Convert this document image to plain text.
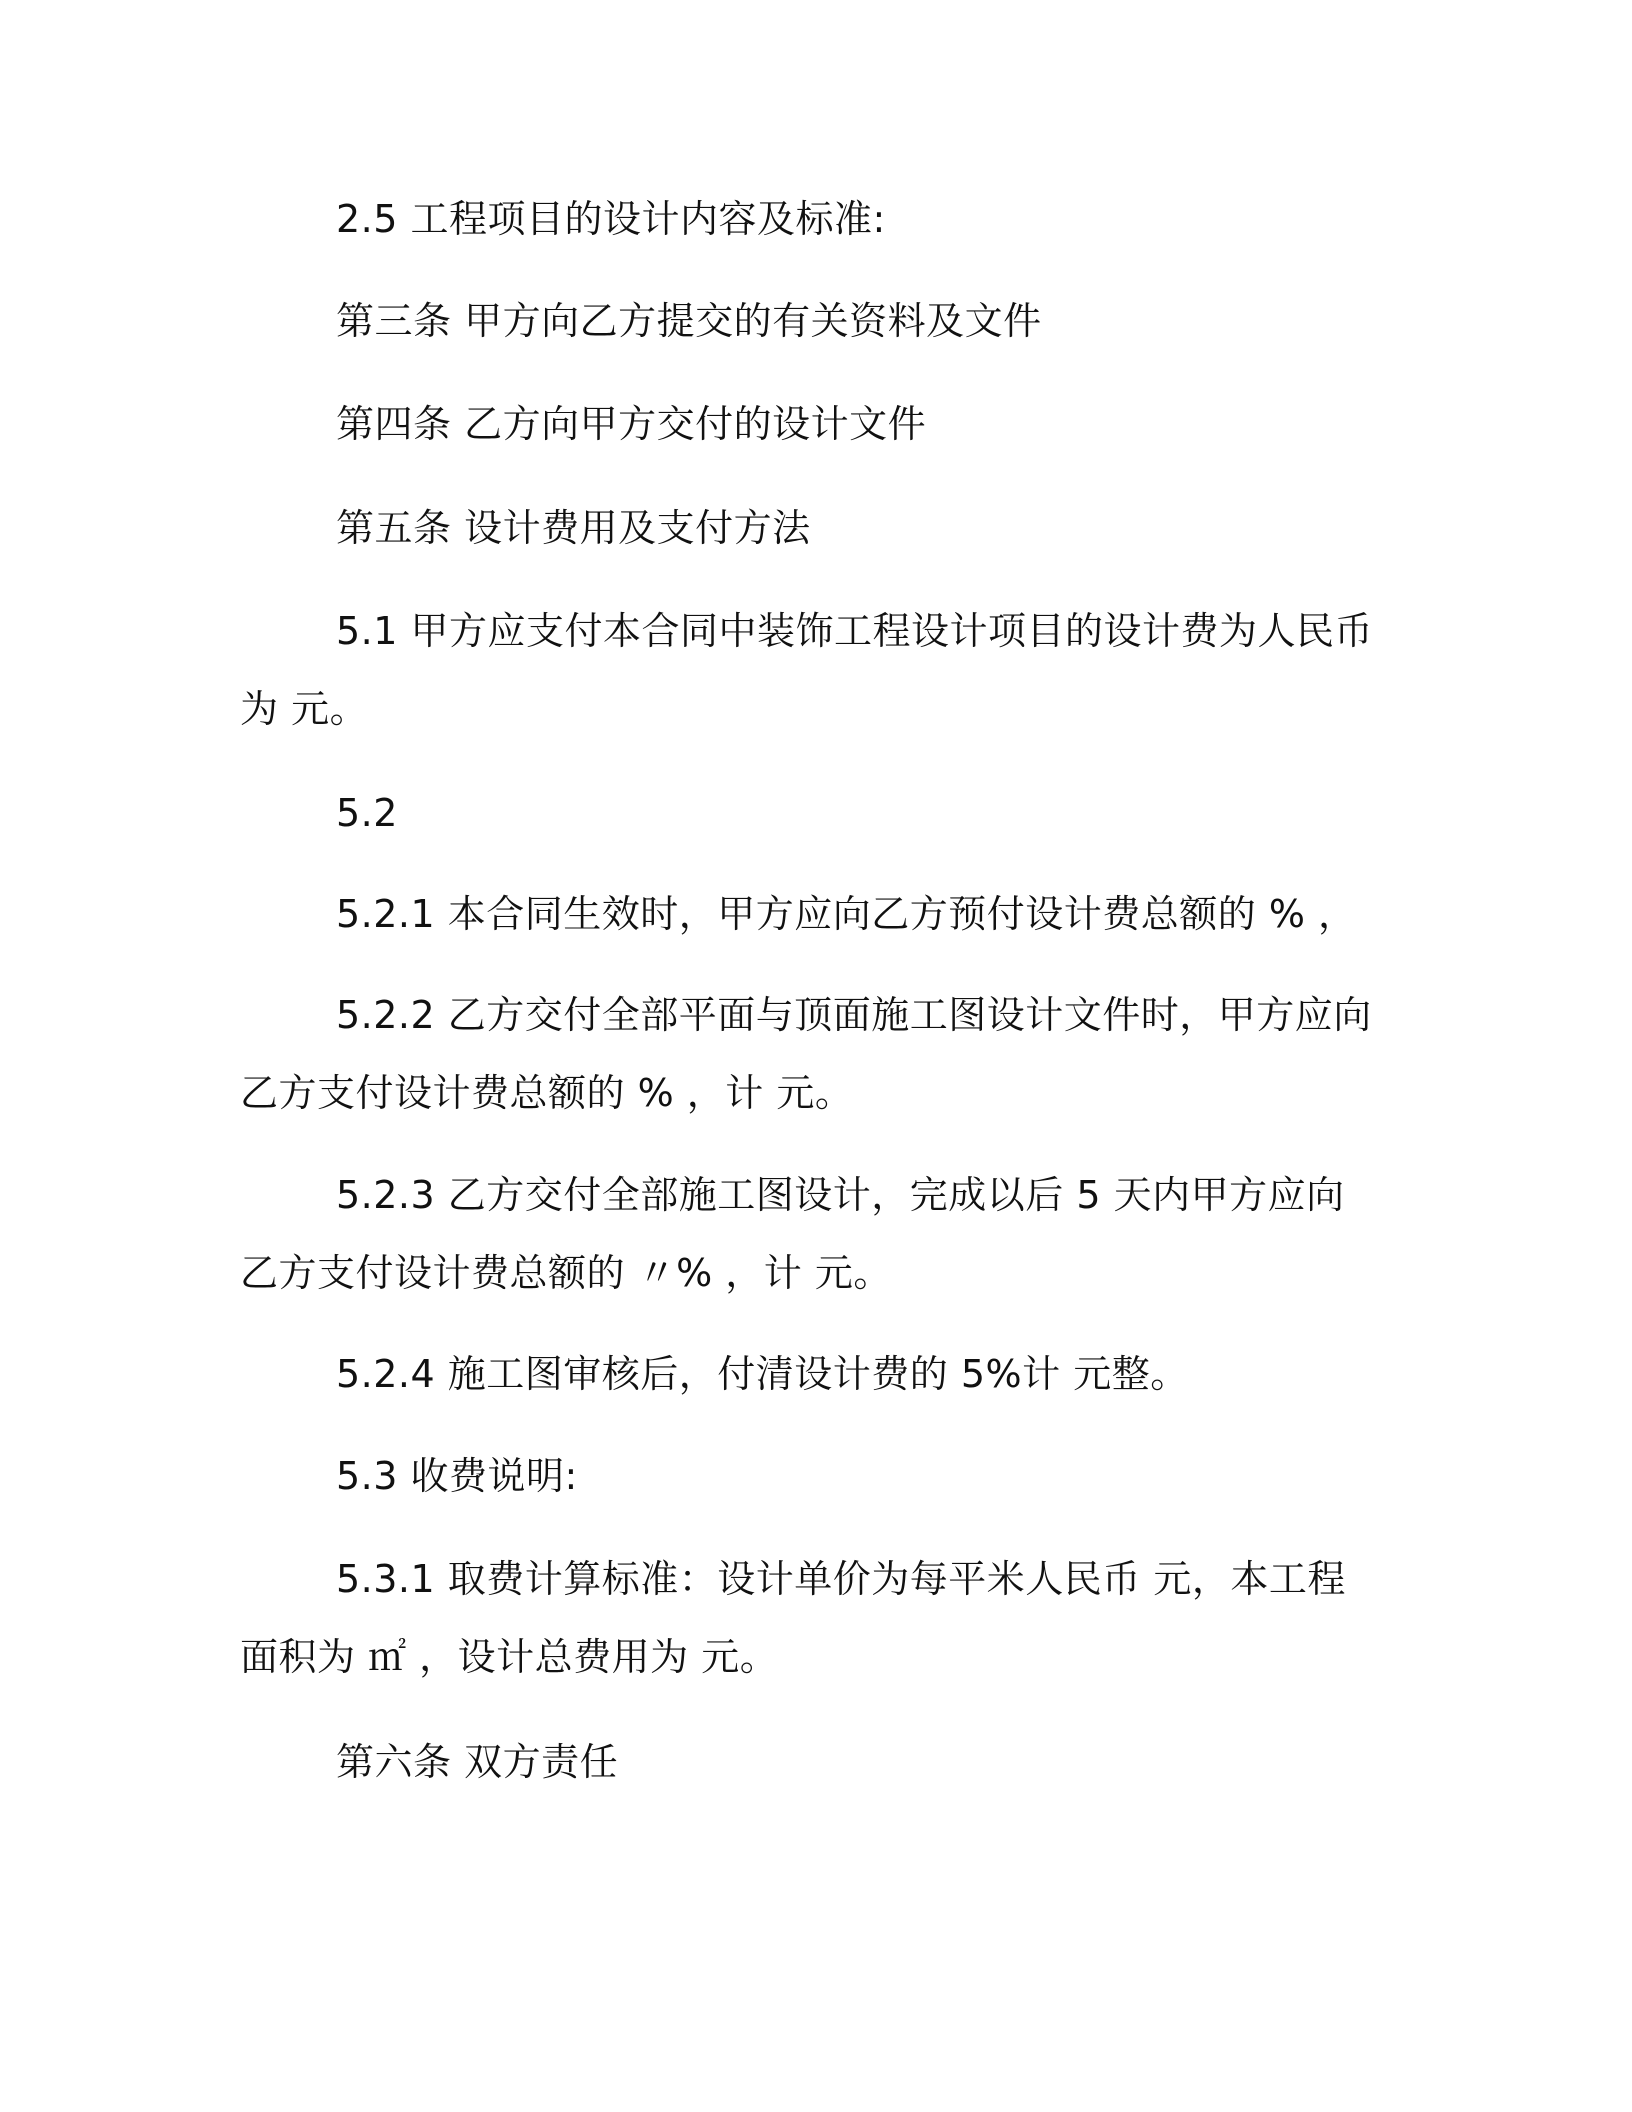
2.5 工程项目的设计内容及标准:

第三条 甲方向乙方提交的有关资料及文件

第四条 乙方向甲方交付的设计文件

第五条 设计费用及支付方法

5.1 甲方应支付本合同中装饰工程设计项目的设计费为人民币为 元。

5.2

5.2.1 本合同生效时，甲方应向乙方预付设计费总额的 % ，

5.2.2 乙方交付全部平面与顶面施工图设计文件时，甲方应向乙方支付设计费总额的 % ，计 元。

5.2.3 乙方交付全部施工图设计，完成以后 5 天内甲方应向乙方支付设计费总额的 〃% ，计 元。

5.2.4 施工图审核后，付清设计费的 5%计 元整。

5.3 收费说明:

5.3.1 取费计算标准：设计单价为每平米人民币 元，本工程面积为 ㎡ ，设计总费用为 元。

第六条 双方责任
